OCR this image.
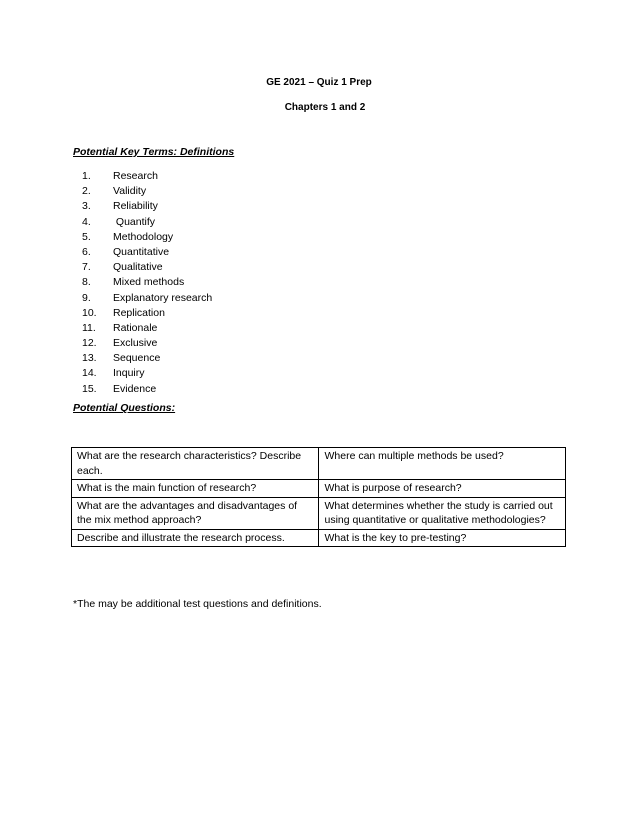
GE 2021 – Quiz 1 Prep
Chapters 1 and 2
Potential Key Terms: Definitions
1. Research
2. Validity
3. Reliability
4. Quantify
5. Methodology
6. Quantitative
7. Qualitative
8. Mixed methods
9. Explanatory research
10. Replication
11. Rationale
12. Exclusive
13. Sequence
14. Inquiry
15. Evidence
Potential Questions:
What are the research characteristics? Describe each.	Where can multiple methods be used?
What is the main function of research?	What is purpose of research?
What are the advantages and disadvantages of the mix method approach?	What determines whether the study is carried out using quantitative or qualitative methodologies?
Describe and illustrate the research process.	What is the key to pre-testing?
*The may be additional test questions and definitions.
